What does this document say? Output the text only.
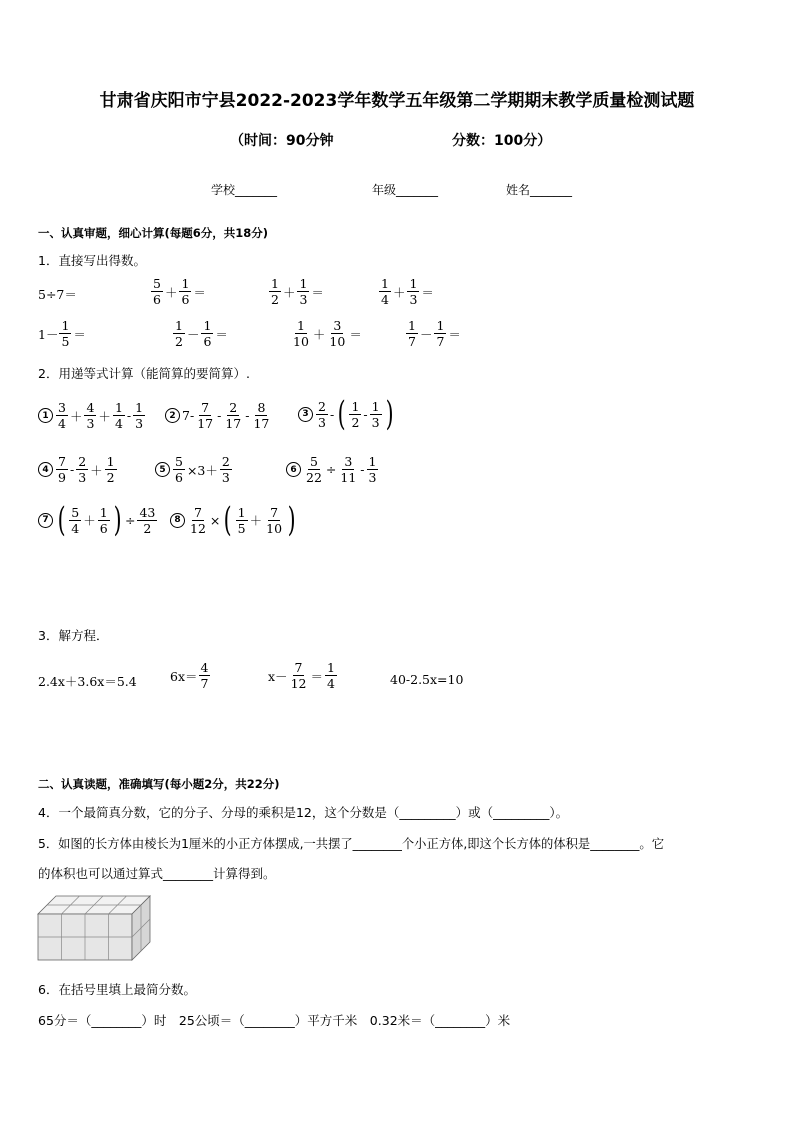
甘肃省庆阳市宁县2022-2023学年数学五年级第二学期期末教学质量检测试题
（时间：90分钟	分数：100分）
学校_______	年级_______	姓名_______
一、认真审题，细心计算(每题6分，共18分)
1．直接写出得数。
5÷7＝	$\frac{5}{6} + \frac{1}{6}$ ＝	$\frac{1}{2} + \frac{1}{3}$ ＝	$\frac{1}{4} + \frac{1}{3}$ ＝
$1- \frac{1}{5}$ ＝	$\frac{1}{2} - \frac{1}{6}$ ＝	$\frac{1}{10} + \frac{3}{10}$ ＝	$\frac{1}{7} - \frac{1}{7}$ ＝
2．用递等式计算（能简算的要简算）.
$1 \frac{3}{4} + \frac{4}{3} + \frac{1}{4} - \frac{1}{3}$	2 $7- \frac{7}{17} - \frac{2}{17} - \frac{8}{17}$	$3 \frac{2}{3}$ - ( $\frac{1}{2} - \frac{1}{3}$ )
$4 \frac{7}{9} - \frac{2}{3} + \frac{1}{2}$	$5 \frac{5}{6} \times 3+ \frac{2}{3}$	$6 \frac{5}{22} \div \frac{3}{11} - \frac{1}{3}$
7 ( $\frac{5}{4} + \frac{1}{6}$ ) ÷ $\frac{43}{2}$	$8 \frac{7}{12}$ × ( $\frac{1}{5} + \frac{7}{10}$ )
3．解方程．
2.4x＋3.6x＝5.4	$6x= \frac{4}{7}$	$x- \frac{7}{12} = \frac{1}{4}$	40-2.5x=10
二、认真读题，准确填写(每小题2分，共22分)
4．一个最简真分数，它的分子、分母的乘积是12，这个分数是（_________）或（_________）。
5．如图的长方体由棱长为1厘米的小正方体摆成,一共摆了________个小正方体,即这个长方体的体积是________。它
的体积也可以通过算式________计算得到。
6．在括号里填上最简分数。
65分＝（________）时　25公顷＝（________）平方千米　0.32米＝（________）米
